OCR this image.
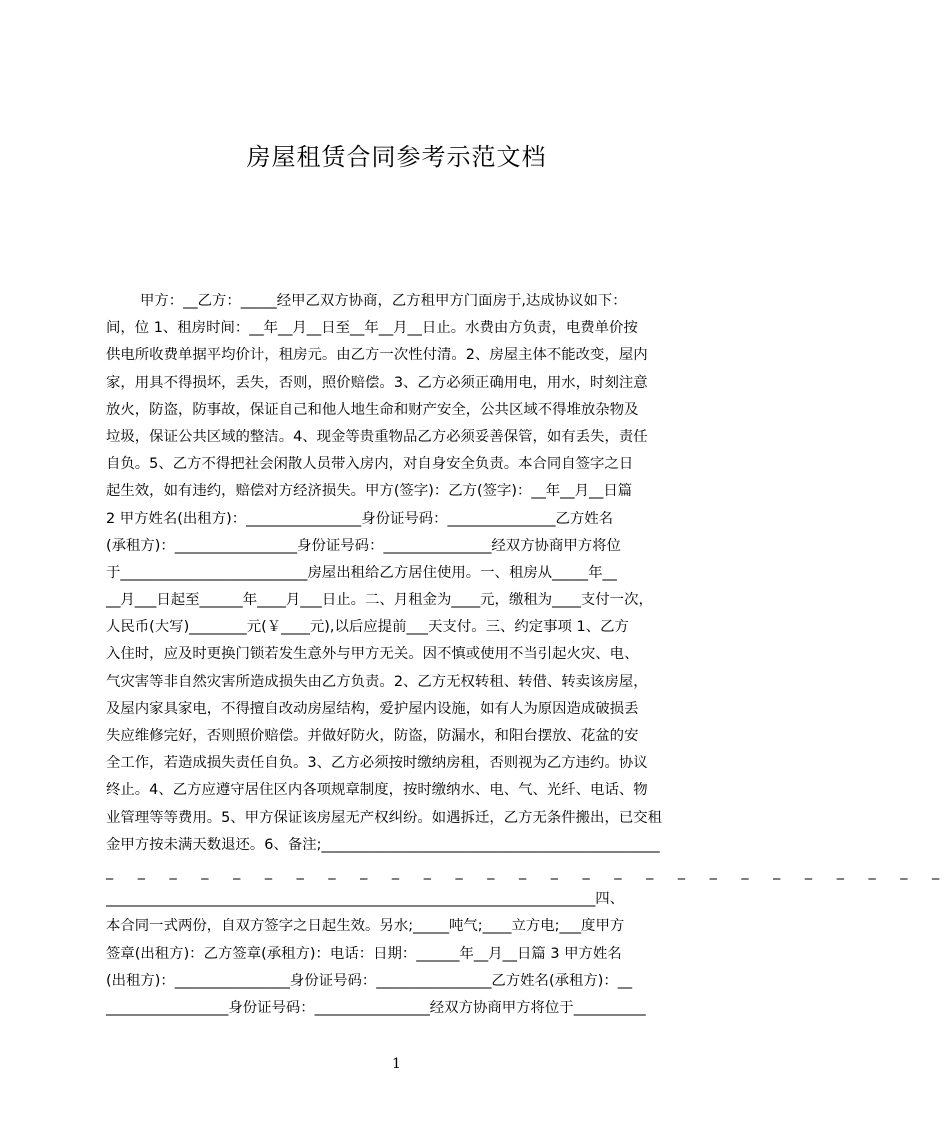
房屋租赁合同参考示范文档
甲方：__乙方：_____经甲乙双方协商，乙方租甲方门面房于,达成协议如下：
间，位 1、租房时间：__年__月__日至__年__月__日止。水费由方负责，电费单价按
供电所收费单据平均价计，租房元。由乙方一次性付清。2、房屋主体不能改变，屋内
家，用具不得损坏，丢失，否则，照价赔偿。3、乙方必须正确用电，用水，时刻注意
放火，防盗，防事故，保证自己和他人地生命和财产安全，公共区域不得堆放杂物及
垃圾，保证公共区域的整洁。4、现金等贵重物品乙方必须妥善保管，如有丢失，责任
自负。5、乙方不得把社会闲散人员带入房内，对自身安全负责。本合同自签字之日
起生效，如有违约，赔偿对方经济损失。甲方(签字)：乙方(签字)：__年__月__日篇
2 甲方姓名(出租方)：________________身份证号码：_______________乙方姓名
(承租方)：_________________身份证号码：_______________经双方协商甲方将位
于__________________________房屋出租给乙方居住使用。一、租房从_____年__
__月___日起至______年____月___日止。二、月租金为____元，缴租为____支付一次，
人民币(大写)________元(￥____元),以后应提前___天支付。三、约定事项 1、乙方
入住时，应及时更换门锁若发生意外与甲方无关。因不慎或使用不当引起火灾、电、
气灾害等非自然灾害所造成损失由乙方负责。2、乙方无权转租、转借、转卖该房屋，
及屋内家具家电，不得擅自改动房屋结构，爱护屋内设施，如有人为原因造成破损丢
失应维修完好，否则照价赔偿。并做好防火，防盗，防漏水，和阳台摆放、花盆的安
全工作，若造成损失责任自负。3、乙方必须按时缴纳房租，否则视为乙方违约。协议
终止。4、乙方应遵守居住区内各项规章制度，按时缴纳水、电、气、光纤、电话、物
业管理等等费用。5、甲方保证该房屋无产权纠纷。如遇拆迁，乙方无条件搬出，已交租
金甲方按未满天数退还。6、备注;_______________________________________________
_ _ _ _ _ _ _ _ _ _ _ _ _ _ _ _ _ _ _ _ _ _ _ _ _ _ _
____________________________________________________________________四、
本合同一式两份，自双方签字之日起生效。另水;_____吨气;____立方电;___度甲方
签章(出租方)：乙方签章(承租方)：电话：日期：______年__月__日篇 3 甲方姓名
(出租方)：________________身份证号码：________________乙方姓名(承租方)：__
_________________身份证号码：________________经双方协商甲方将位于__________
1
